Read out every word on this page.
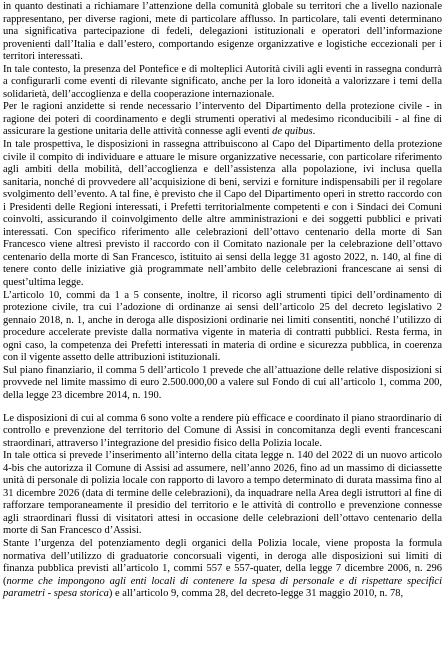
in quanto destinati a richiamare l’attenzione della comunità globale su territori che a livello nazionale rappresentano, per diverse ragioni, mete di particolare afflusso. In particolare, tali eventi determinano una significativa partecipazione di fedeli, delegazioni istituzionali e operatori dell’informazione provenienti dall’Italia e dall’estero, comportando esigenze organizzative e logistiche eccezionali per i territori interessati.

In tale contesto, la presenza del Pontefice e di molteplici Autorità civili agli eventi in rassegna condurrà a configurarli come eventi di rilevante significato, anche per la loro idoneità a valorizzare i temi della solidarietà, dell’accoglienza e della cooperazione internazionale.

Per le ragioni anzidette si rende necessario l’intervento del Dipartimento della protezione civile - in ragione dei poteri di coordinamento e degli strumenti operativi al medesimo riconducibili - al fine di assicurare la gestione unitaria delle attività connesse agli eventi de quibus.

In tale prospettiva, le disposizioni in rassegna attribuiscono al Capo del Dipartimento della protezione civile il compito di individuare e attuare le misure organizzative necessarie, con particolare riferimento agli ambiti della mobilità, dell’accoglienza e dell’assistenza alla popolazione, ivi inclusa quella sanitaria, nonché di provvedere all’acquisizione di beni, servizi e forniture indispensabili per il regolare svolgimento dell’evento. A tal fine, è previsto che il Capo del Dipartimento operi in stretto raccordo con i Presidenti delle Regioni interessati, i Prefetti territorialmente competenti e con i Sindaci dei Comuni coinvolti, assicurando il coinvolgimento delle altre amministrazioni e dei soggetti pubblici e privati interessati. Con specifico riferimento alle celebrazioni dell’ottavo centenario della morte di San Francesco viene altresì previsto il raccordo con il Comitato nazionale per la celebrazione dell’ottavo centenario della morte di San Francesco, istituito ai sensi della legge 31 agosto 2022, n. 140, al fine di tenere conto delle iniziative già programmate nell’ambito delle celebrazioni francescane ai sensi di quest’ultima legge.

L’articolo 10, commi da 1 a 5 consente, inoltre, il ricorso agli strumenti tipici dell’ordinamento di protezione civile, tra cui l’adozione di ordinanze ai sensi dell’articolo 25 del decreto legislativo 2 gennaio 2018, n. 1, anche in deroga alle disposizioni ordinarie nei limiti consentiti, nonché l’utilizzo di procedure accelerate previste dalla normativa vigente in materia di contratti pubblici. Resta ferma, in ogni caso, la competenza dei Prefetti interessati in materia di ordine e sicurezza pubblica, in coerenza con il vigente assetto delle attribuzioni istituzionali.

Sul piano finanziario, il comma 5 dell’articolo 1 prevede che all’attuazione delle relative disposizioni si provvede nel limite massimo di euro 2.500.000,00 a valere sul Fondo di cui all’articolo 1, comma 200, della legge 23 dicembre 2014, n. 190.

Le disposizioni di cui al comma 6 sono volte a rendere più efficace e coordinato il piano straordinario di controllo e prevenzione del territorio del Comune di Assisi in concomitanza degli eventi francescani straordinari, attraverso l’integrazione del presidio fisico della Polizia locale.

In tale ottica si prevede l’inserimento all’interno della citata legge n. 140 del 2022 di un nuovo articolo 4-bis che autorizza il Comune di Assisi ad assumere, nell’anno 2026, fino ad un massimo di diciassette unità di personale di polizia locale con rapporto di lavoro a tempo determinato di durata massima fino al 31 dicembre 2026 (data di termine delle celebrazioni), da inquadrare nella Area degli istruttori al fine di rafforzare temporaneamente il presidio del territorio e le attività di controllo e prevenzione connesse agli straordinari flussi di visitatori attesi in occasione delle celebrazioni dell’ottavo centenario della morte di San Francesco d’Assisi.

Stante l’urgenza del potenziamento degli organici della Polizia locale, viene proposta la formula normativa dell’utilizzo di graduatorie concorsuali vigenti, in deroga alle disposizioni sui limiti di finanza pubblica previsti all’articolo 1, commi 557 e 557-quater, della legge 7 dicembre 2006, n. 296 (norme che impongono agli enti locali di contenere la spesa di personale e di rispettare specifici parametri - spesa storica) e all’articolo 9, comma 28, del decreto-legge 31 maggio 2010, n. 78,
